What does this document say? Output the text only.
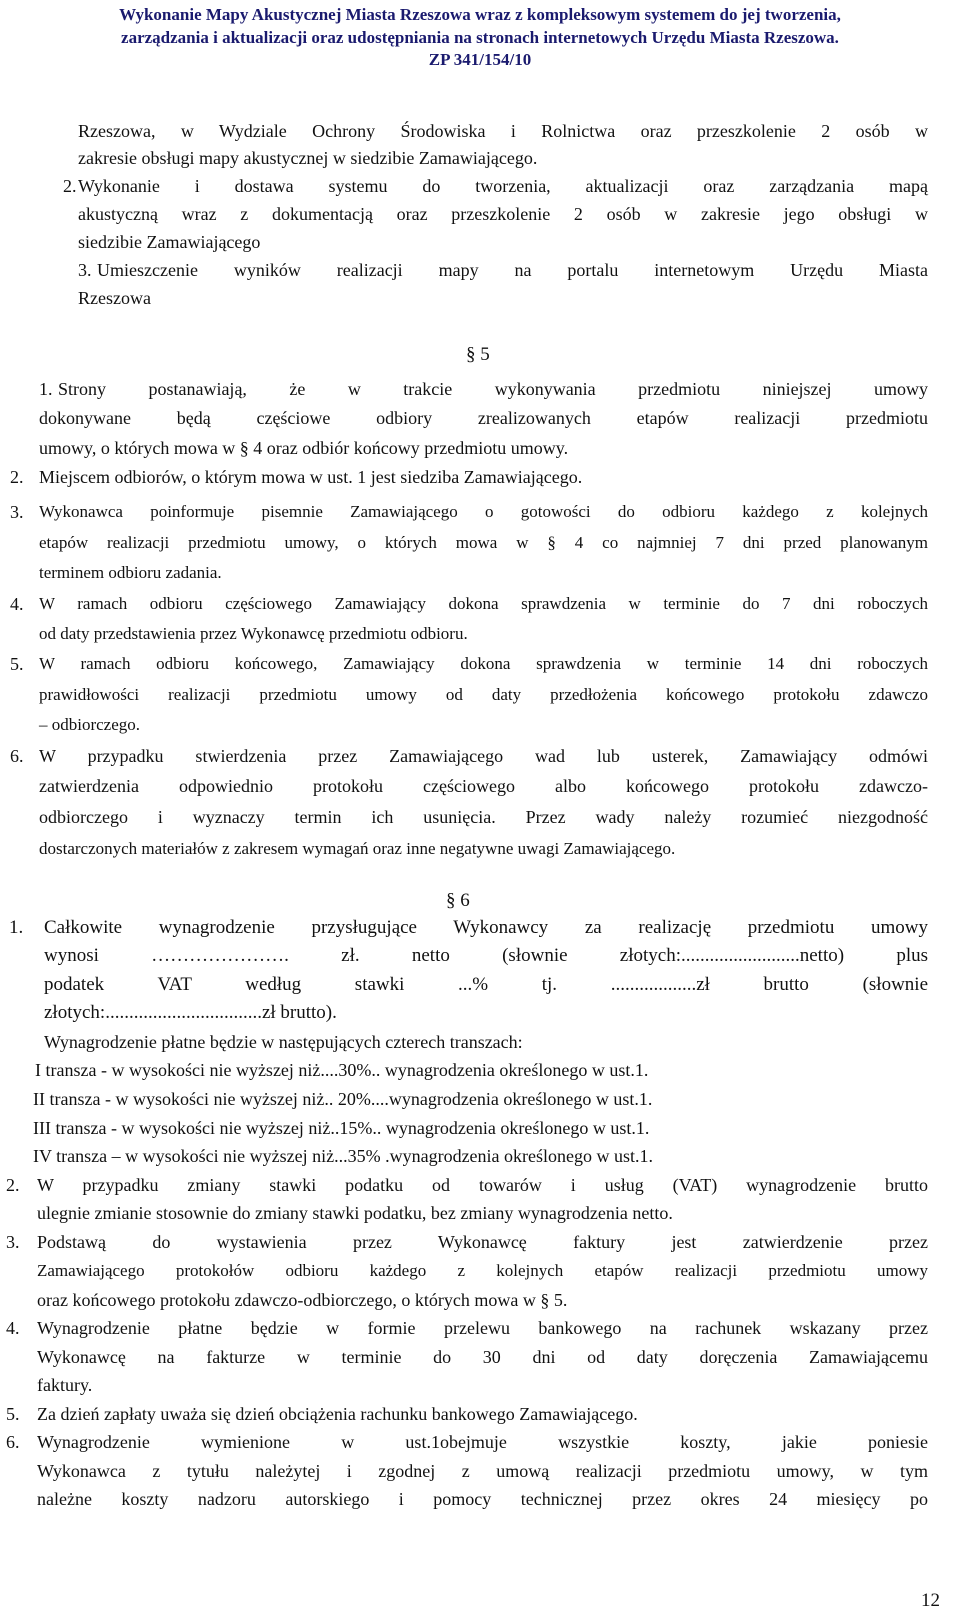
Wykonanie Mapy Akustycznej Miasta Rzeszowa wraz z kompleksowym systemem do jej tworzenia,
zarządzania i aktualizacji oraz udostępniania na stronach internetowych Urzędu Miasta Rzeszowa.
ZP 341/154/10
Rzeszowa, w Wydziale Ochrony Środowiska i Rolnictwa oraz przeszkolenie 2 osób w
zakresie obsługi mapy akustycznej w siedzibie Zamawiającego.
2. Wykonanie i dostawa systemu do tworzenia, aktualizacji oraz zarządzania mapą
akustyczną wraz z dokumentacją oraz przeszkolenie 2 osób w zakresie jego obsługi w
siedzibie Zamawiającego
3. Umieszczenie wyników realizacji mapy na portalu internetowym Urzędu Miasta
Rzeszowa
§ 5
1. Strony postanawiają, że w trakcie wykonywania przedmiotu niniejszej umowy
dokonywane będą częściowe odbiory zrealizowanych etapów realizacji przedmiotu
umowy, o których mowa w § 4 oraz odbiór końcowy przedmiotu umowy.
2. Miejscem odbiorów, o którym mowa w ust. 1 jest siedziba Zamawiającego.
3. Wykonawca poinformuje pisemnie Zamawiającego o gotowości do odbioru każdego z kolejnych
etapów realizacji przedmiotu umowy, o których mowa w § 4 co najmniej 7 dni przed planowanym
terminem odbioru zadania.
4. W ramach odbioru częściowego Zamawiający dokona sprawdzenia w terminie do 7 dni roboczych
od daty przedstawienia przez Wykonawcę przedmiotu odbioru.
5. W ramach odbioru końcowego, Zamawiający dokona sprawdzenia w terminie 14 dni roboczych
prawidłowości realizacji przedmiotu umowy od daty przedłożenia końcowego protokołu zdawczo
– odbiorczego.
6. W przypadku stwierdzenia przez Zamawiającego wad lub usterek, Zamawiający odmówi
zatwierdzenia odpowiednio protokołu częściowego albo końcowego protokołu zdawczo-
odbiorczego i wyznaczy termin ich usunięcia. Przez wady należy rozumieć niezgodność
dostarczonych materiałów z zakresem wymagań oraz inne negatywne uwagi Zamawiającego.
§ 6
1. Całkowite wynagrodzenie przysługujące Wykonawcy za realizację przedmiotu umowy
wynosi …………………. zł. netto (słownie złotych:.........................netto) plus
podatek VAT według stawki ...% tj. ..................zł brutto (słownie
złotych:.................................zł brutto).
Wynagrodzenie płatne będzie w następujących czterech transzach:
I transza - w wysokości nie wyższej niż....30%.. wynagrodzenia określonego w ust.1.
II transza - w wysokości nie wyższej niż.. 20%....wynagrodzenia określonego w ust.1.
III transza - w wysokości nie wyższej niż..15%.. wynagrodzenia określonego w ust.1.
IV transza – w wysokości nie wyższej niż...35% .wynagrodzenia określonego w ust.1.
2. W przypadku zmiany stawki podatku od towarów i usług (VAT) wynagrodzenie brutto
ulegnie zmianie stosownie do zmiany stawki podatku, bez zmiany wynagrodzenia netto.
3. Podstawą do wystawienia przez Wykonawcę faktury jest zatwierdzenie przez
Zamawiającego protokołów odbioru każdego z kolejnych etapów realizacji przedmiotu umowy
oraz końcowego protokołu zdawczo-odbiorczego, o których mowa w § 5.
4. Wynagrodzenie płatne będzie w formie przelewu bankowego na rachunek wskazany przez
Wykonawcę na fakturze w terminie do 30 dni od daty doręczenia Zamawiającemu
faktury.
5. Za dzień zapłaty uważa się dzień obciążenia rachunku bankowego Zamawiającego.
6. Wynagrodzenie wymienione w ust.1obejmuje wszystkie koszty, jakie poniesie
Wykonawca z tytułu należytej i zgodnej z umową realizacji przedmiotu umowy, w tym
należne koszty nadzoru autorskiego i pomocy technicznej przez okres 24 miesięcy po
12
